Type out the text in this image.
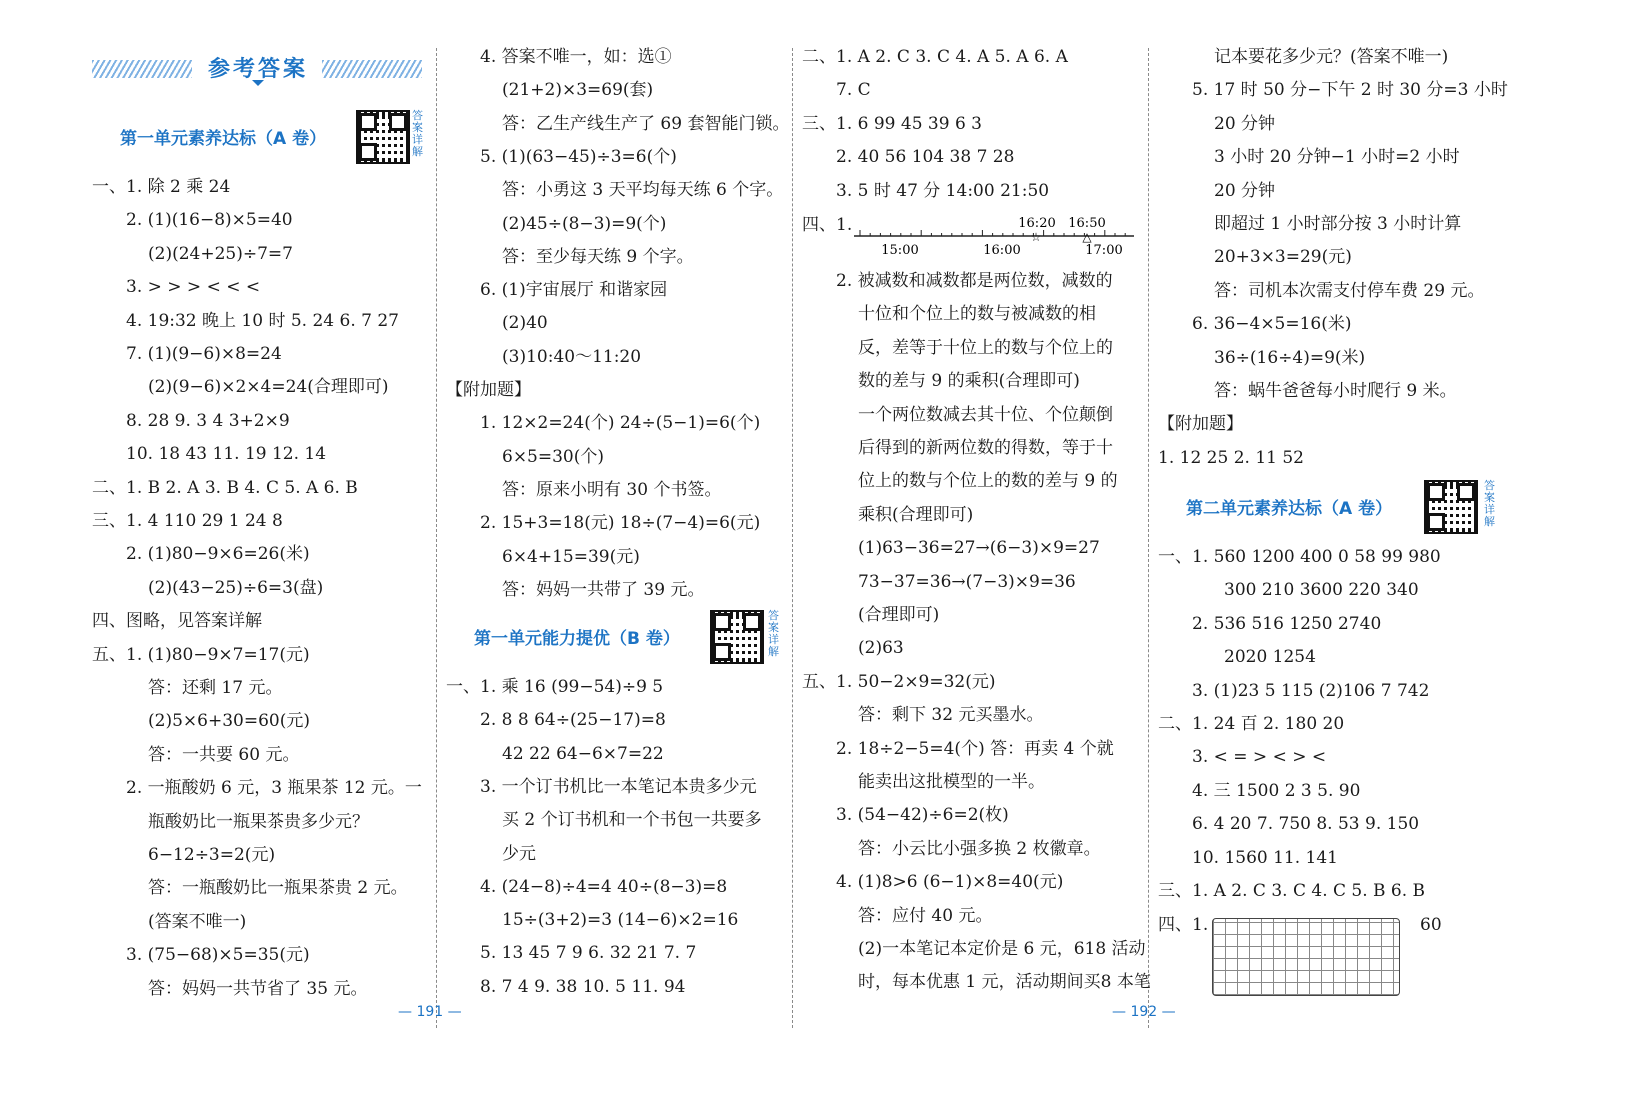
参考答案
第一单元素养达标（A 卷）
答案详解
一、1. 除 2 乘 24
2. (1)(16−8)×5=40
(2)(24+25)÷7=7
3. > > > < < <
4. 19:32 晚上 10 时 5. 24 6. 7 27
7. (1)(9−6)×8=24
(2)(9−6)×2×4=24(合理即可)
8. 28 9. 3 4 3+2×9
10. 18 43 11. 19 12. 14
二、1. B 2. A 3. B 4. C 5. A 6. B
三、1. 4 110 29 1 24 8
2. (1)80−9×6=26(米)
(2)(43−25)÷6=3(盘)
四、图略，见答案详解
五、1. (1)80−9×7=17(元)
答：还剩 17 元。
(2)5×6+30=60(元)
答：一共要 60 元。
2. 一瓶酸奶 6 元，3 瓶果茶 12 元。一
瓶酸奶比一瓶果茶贵多少元？
6−12÷3=2(元)
答：一瓶酸奶比一瓶果茶贵 2 元。
(答案不唯一)
3. (75−68)×5=35(元)
答：妈妈一共节省了 35 元。
4. 答案不唯一，如：选①
(21+2)×3=69(套)
答：乙生产线生产了 69 套智能门锁。
5. (1)(63−45)÷3=6(个)
答：小勇这 3 天平均每天练 6 个字。
(2)45÷(8−3)=9(个)
答：至少每天练 9 个字。
6. (1)宇宙展厅 和谐家园
(2)40
(3)10:40～11:20
【附加题】
1. 12×2=24(个) 24÷(5−1)=6(个)
6×5=30(个)
答：原来小明有 30 个书签。
2. 15+3=18(元) 18÷(7−4)=6(元)
6×4+15=39(元)
答：妈妈一共带了 39 元。
第一单元能力提优（B 卷）
答案详解
一、1. 乘 16 (99−54)÷9 5
2. 8 8 64÷(25−17)=8
42 22 64−6×7=22
3. 一个订书机比一本笔记本贵多少元
买 2 个订书机和一个书包一共要多
少元
4. (24−8)÷4=4 40÷(8−3)=8
15÷(3+2)=3 (14−6)×2=16
5. 13 45 7 9 6. 32 21 7. 7
8. 7 4 9. 38 10. 5 11. 94
二、1. A 2. C 3. C 4. A 5. A 6. A
7. C
三、1. 6 99 45 39 6 3
2. 40 56 104 38 7 28
3. 5 时 47 分 14:00 21:50
四、1.	16:20 16:50
15:00	16:00	17:00
☆	△
2. 被减数和减数都是两位数，减数的
十位和个位上的数与被减数的相
反，差等于十位上的数与个位上的
数的差与 9 的乘积(合理即可)
一个两位数减去其十位、个位颠倒
后得到的新两位数的得数，等于十
位上的数与个位上的数的差与 9 的
乘积(合理即可)
(1)63−36=27→(6−3)×9=27
73−37=36→(7−3)×9=36
(合理即可)
(2)63
五、1. 50−2×9=32(元)
答：剩下 32 元买墨水。
2. 18÷2−5=4(个) 答：再卖 4 个就
能卖出这批模型的一半。
3. (54−42)÷6=2(枚)
答：小云比小强多换 2 枚徽章。
4. (1)8>6 (6−1)×8=40(元)
答：应付 40 元。
(2)一本笔记本定价是 6 元，618 活动
时，每本优惠 1 元，活动期间买8 本笔
记本要花多少元？(答案不唯一)
5. 17 时 50 分−下午 2 时 30 分=3 小时
20 分钟
3 小时 20 分钟−1 小时=2 小时
20 分钟
即超过 1 小时部分按 3 小时计算
20+3×3=29(元)
答：司机本次需支付停车费 29 元。
6. 36−4×5=16(米)
36÷(16÷4)=9(米)
答：蜗牛爸爸每小时爬行 9 米。
【附加题】
1. 12 25 2. 11 52
第二单元素养达标（A 卷）
答案详解
一、1. 560 1200 400 0 58 99 980
300 210 3600 220 340
2. 536 516 1250 2740
2020 1254
3. (1)23 5 115 (2)106 7 742
二、1. 24 百 2. 180 20
3. < = > < > <
4. 三 1500 2 3 5. 90
6. 4 20 7. 750 8. 53 9. 150
10. 1560 11. 141
三、1. A 2. C 3. C 4. C 5. B 6. B
四、1.	60
— 191 —	— 192 —
